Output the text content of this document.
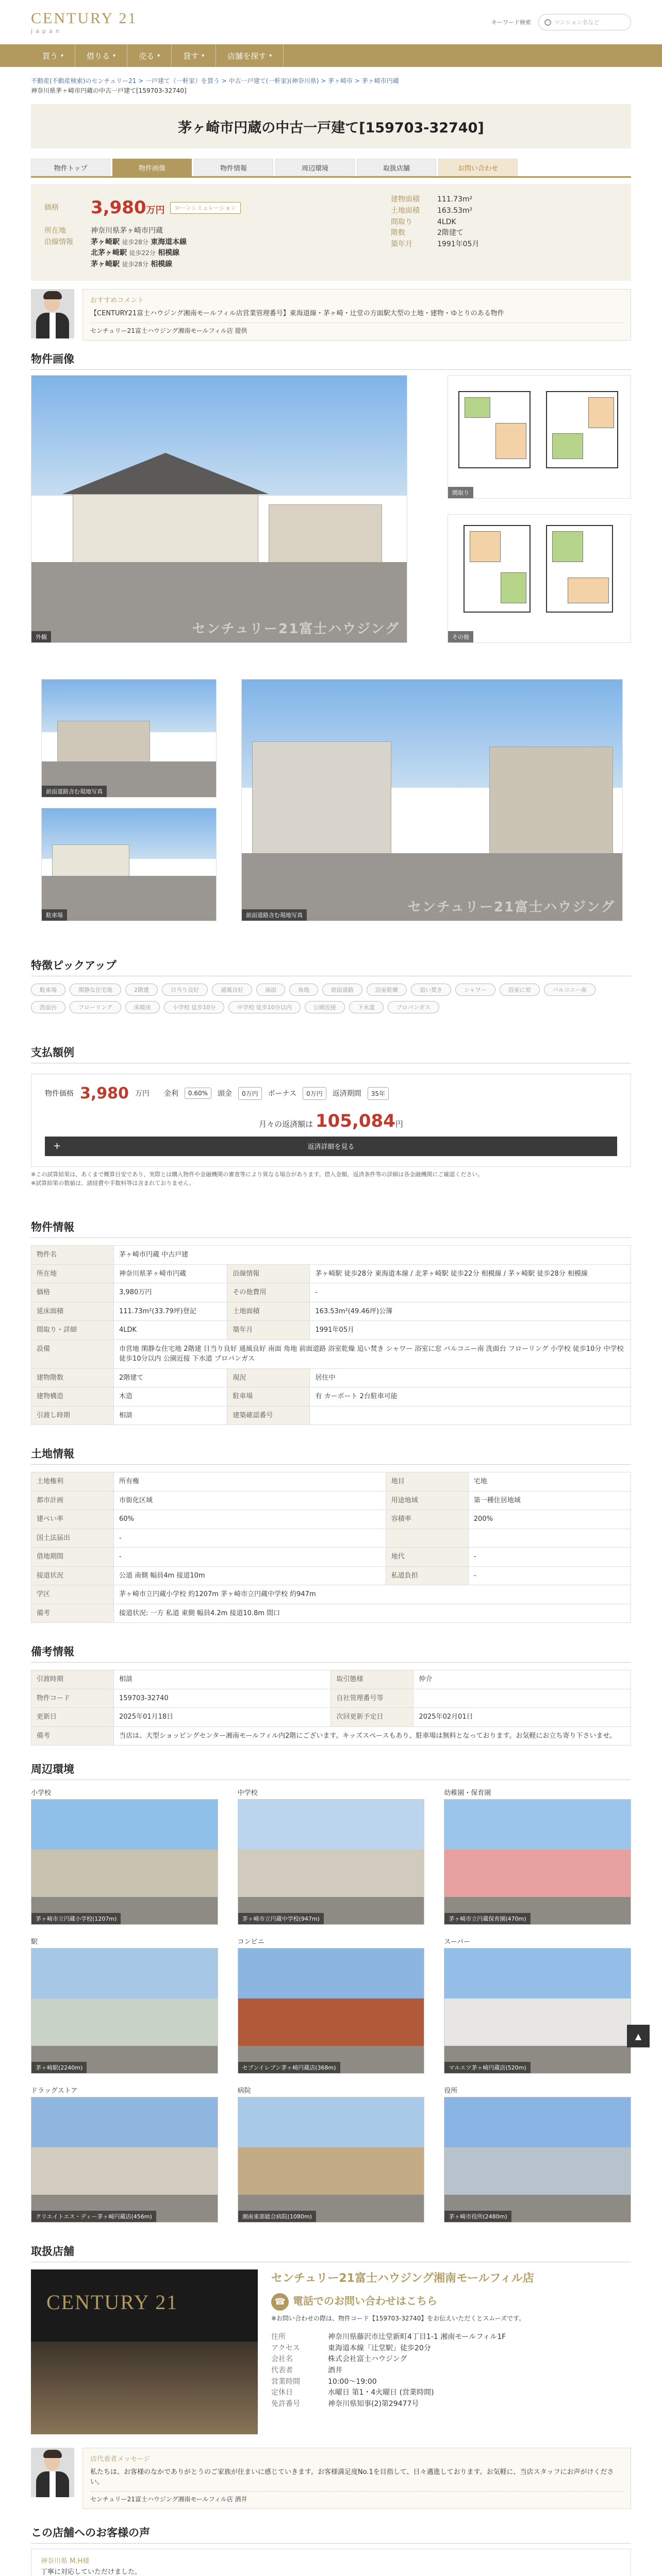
CENTURY 21
Japan
キーワード検索	マンション名など
買う ▾	借りる ▾	売る ▾	貸す ▾	店舗を探す ▾
不動産(不動産検索)のセンチュリー21 > 一戸建て（一軒家）を買う > 中古一戸建て(一軒家)(神奈川県) > 茅ヶ崎市 > 茅ヶ崎市円蔵
神奈川県茅ヶ崎市円蔵の中古一戸建て[159703-32740]
茅ヶ崎市円蔵の中古一戸建て[159703-32740]
物件トップ	物件画像	物件情報	周辺環境	取扱店舗	お問い合わせ
価格	3,980万円	ローンシミュレーション
所在地	神奈川県茅ヶ崎市円蔵
沿線情報	茅ヶ崎駅 徒歩28分 東海道本線
北茅ヶ崎駅 徒歩22分 相模線
茅ヶ崎駅 徒歩28分 相模線
建物面積	111.73m²
土地面積	163.53m²
間取り	4LDK
階数	2階建て
築年月	1991年05月
おすすめコメント
【CENTURY21富士ハウジング湘南モールフィル店営業管理番号】東海道線・茅ヶ崎・辻堂の方面駅大型の土地・建物・ゆとりのある物件
センチュリー21富士ハウジング湘南モールフィル店 提供
物件画像
外観
センチュリー21富士ハウジング
間取り
その他
前面道路含む現地写真
駐車場	前面道路含む現地写真
センチュリー21富士ハウジング
特徴ピックアップ
駐車場	閑静な住宅地	2階建	日当り良好	通風良好	南面	角地	前面道路	浴室乾燥	追い焚き	シャワー	浴室に窓	バルコニー南
洗面台	フローリング	床暖房	小学校 徒歩10分	中学校 徒歩10分以内	公園近接	下水道	プロパンガス
支払額例
物件価格 3,980 万円 金利	0.60%	頭金	0万円	ボーナス	0万円	返済期間	35年
月々の返済額は 105,084円
+ 返済詳細を見る
※この試算結果は、あくまで概算目安であり、実際とは購入物件や金融機関の審査等により異なる場合があります。借入金額、返済条件等の詳細は各金融機関にご確認ください。
※試算結果の数値は、諸経費や手数料等は含まれておりません。
物件情報
物件名	茅ヶ崎市円蔵 中古戸建		
所在地	神奈川県茅ヶ崎市円蔵	沿線情報	茅ヶ崎駅 徒歩28分 東海道本線 / 北茅ヶ崎駅 徒歩22分 相模線 / 茅ヶ崎駅 徒歩28分 相模線
価格	3,980万円	その他費用	-
延床面積	111.73m²(33.79坪)登記	土地面積	163.53m²(49.46坪)公簿
間取り・詳細	4LDK	築年月	1991年05月
設備	市営地 閑静な住宅地 2階建 日当り良好 通風良好 南面 角地 前面道路 浴室乾燥 追い焚き シャワー 浴室に窓 バルコニー南 洗面台 フローリング 小学校 徒歩10分 中学校 徒歩10分以内 公園近接 下水道 プロパンガス		
建物階数	2階建て	現況	居住中
建物構造	木造	駐車場	有 カーポート 2台駐車可能
引渡し時期	相談	建築確認番号	
土地情報
土地権利	所有権	地目	宅地
都市計画	市街化区域	用途地域	第一種住居地域
建ぺい率	60%	容積率	200%
国土法届出	-		
借地期間	-	地代	-
接道状況	公道 南側 幅員4m 接道10m	私道負担	-
学区	茅ヶ崎市立円蔵小学校 約1207m 茅ヶ崎市立円蔵中学校 約947m		
備考	接道状況: 一方 私道 東側 幅員4.2m 接道10.8m 間口		
備考情報
引渡時期	相談	取引態様	仲介
物件コード	159703-32740	自社管理番号等	
更新日	2025年01月18日	次回更新予定日	2025年02月01日
備考	当店は、大型ショッピングセンター湘南モールフィル内2階にございます。キッズスペースもあり、駐車場は無料となっております。お気軽にお立ち寄り下さいませ。		
周辺環境
小学校
茅ヶ崎市立円蔵小学校(1207m)
中学校
茅ヶ崎市立円蔵中学校(947m)
幼稚園・保育園
茅ヶ崎市立円蔵保育園(470m)
駅
茅ヶ崎駅(2240m)
コンビニ
セブンイレブン茅ヶ崎円蔵店(368m)
スーパー
マルエツ茅ヶ崎円蔵店(520m)
ドラッグストア
クリエイトエス・ディー茅ヶ崎円蔵店(456m)
病院
湘南東部総合病院(1080m)
役所
茅ヶ崎市役所(2480m)
取扱店舗
CENTURY 21
センチュリー21富士ハウジング湘南モールフィル店
☎ 電話でのお問い合わせはこちら
※お問い合わせの際は、物件コード【159703-32740】をお伝えいただくとスムーズです。
住所	神奈川県藤沢市辻堂新町4丁目1-1 湘南モールフィル1F
アクセス	東海道本線「辻堂駅」徒歩20分
会社名	株式会社富士ハウジング
代表者	酒井
営業時間	10:00〜19:00
定休日	水曜日 第1・4火曜日 (営業時間)
免許番号	神奈川県知事(2)第29477号
店代表者メッセージ
私たちは、お客様のなかでありがとうのご家族が住まいに感じていきます。お客様満足度No.1を目指して、日々邁進しております。お気軽に、当店スタッフにお声がけください。
センチュリー21富士ハウジング湘南モールフィル店 酒井
この店舗へのお客様の声
神奈川県 M.H様
丁寧に対応していただけました。
▲
